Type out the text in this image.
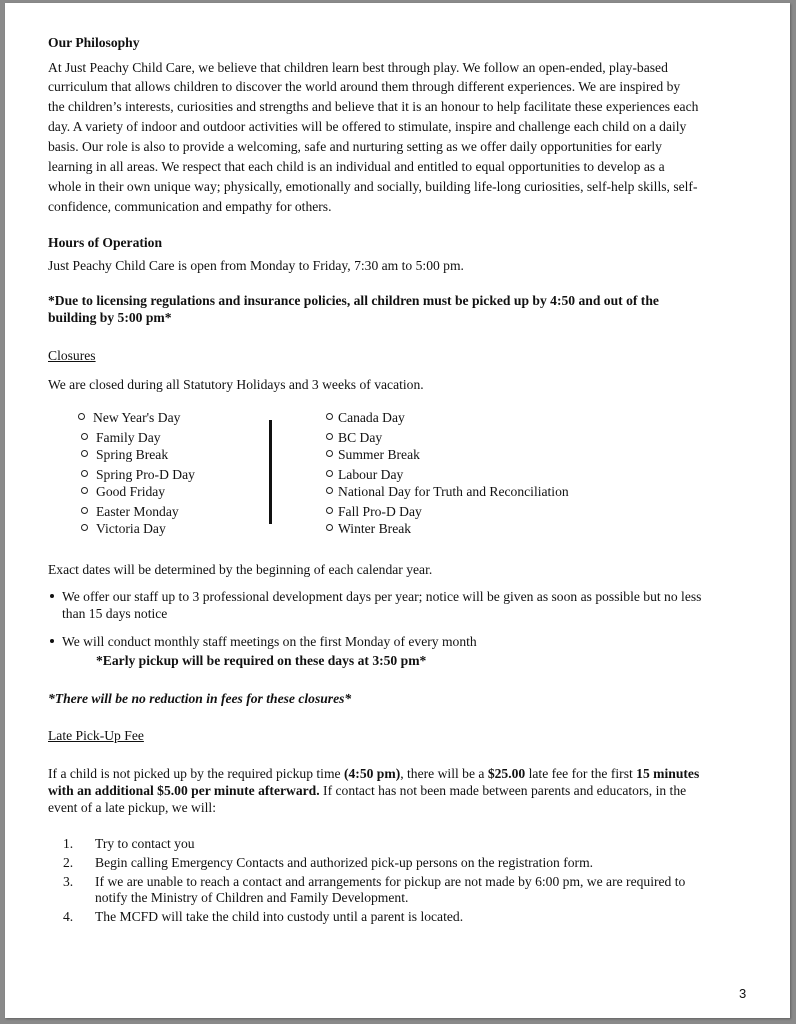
Our Philosophy
At Just Peachy Child Care, we believe that children learn best through play. We follow an open-ended, play-based
curriculum that allows children to discover the world around them through different experiences. We are inspired by
the children’s interests, curiosities and strengths and believe that it is an honour to help facilitate these experiences each
day. A variety of indoor and outdoor activities will be offered to stimulate, inspire and challenge each child on a daily
basis. Our role is also to provide a welcoming, safe and nurturing setting as we offer daily opportunities for early
learning in all areas. We respect that each child is an individual and entitled to equal opportunities to develop as a
whole in their own unique way; physically, emotionally and socially, building life-long curiosities, self-help skills, self-
confidence, communication and empathy for others.
Hours of Operation
Just Peachy Child Care is open from Monday to Friday, 7:30 am to 5:00 pm.
*Due to licensing regulations and insurance policies, all children must be picked up by 4:50 and out of the
building by 5:00 pm*
Closures
We are closed during all Statutory Holidays and 3 weeks of vacation.
New Year's Day
Family Day
Spring Break
Spring Pro-D Day
Good Friday
Easter Monday
Victoria Day
Canada Day
BC Day
Summer Break
Labour Day
National Day for Truth and Reconciliation
Fall Pro-D Day
Winter Break
Exact dates will be determined by the beginning of each calendar year.
We offer our staff up to 3 professional development days per year; notice will be given as soon as possible but no less
than 15 days notice
We will conduct monthly staff meetings on the first Monday of every month
*Early pickup will be required on these days at 3:50 pm*
*There will be no reduction in fees for these closures*
Late Pick-Up Fee
If a child is not picked up by the required pickup time (4:50 pm), there will be a $25.00 late fee for the first 15 minutes
with an additional $5.00 per minute afterward. If contact has not been made between parents and educators, in the
event of a late pickup, we will:
1. Try to contact you
2. Begin calling Emergency Contacts and authorized pick-up persons on the registration form.
3. If we are unable to reach a contact and arrangements for pickup are not made by 6:00 pm, we are required to
notify the Ministry of Children and Family Development.
4. The MCFD will take the child into custody until a parent is located.
3
